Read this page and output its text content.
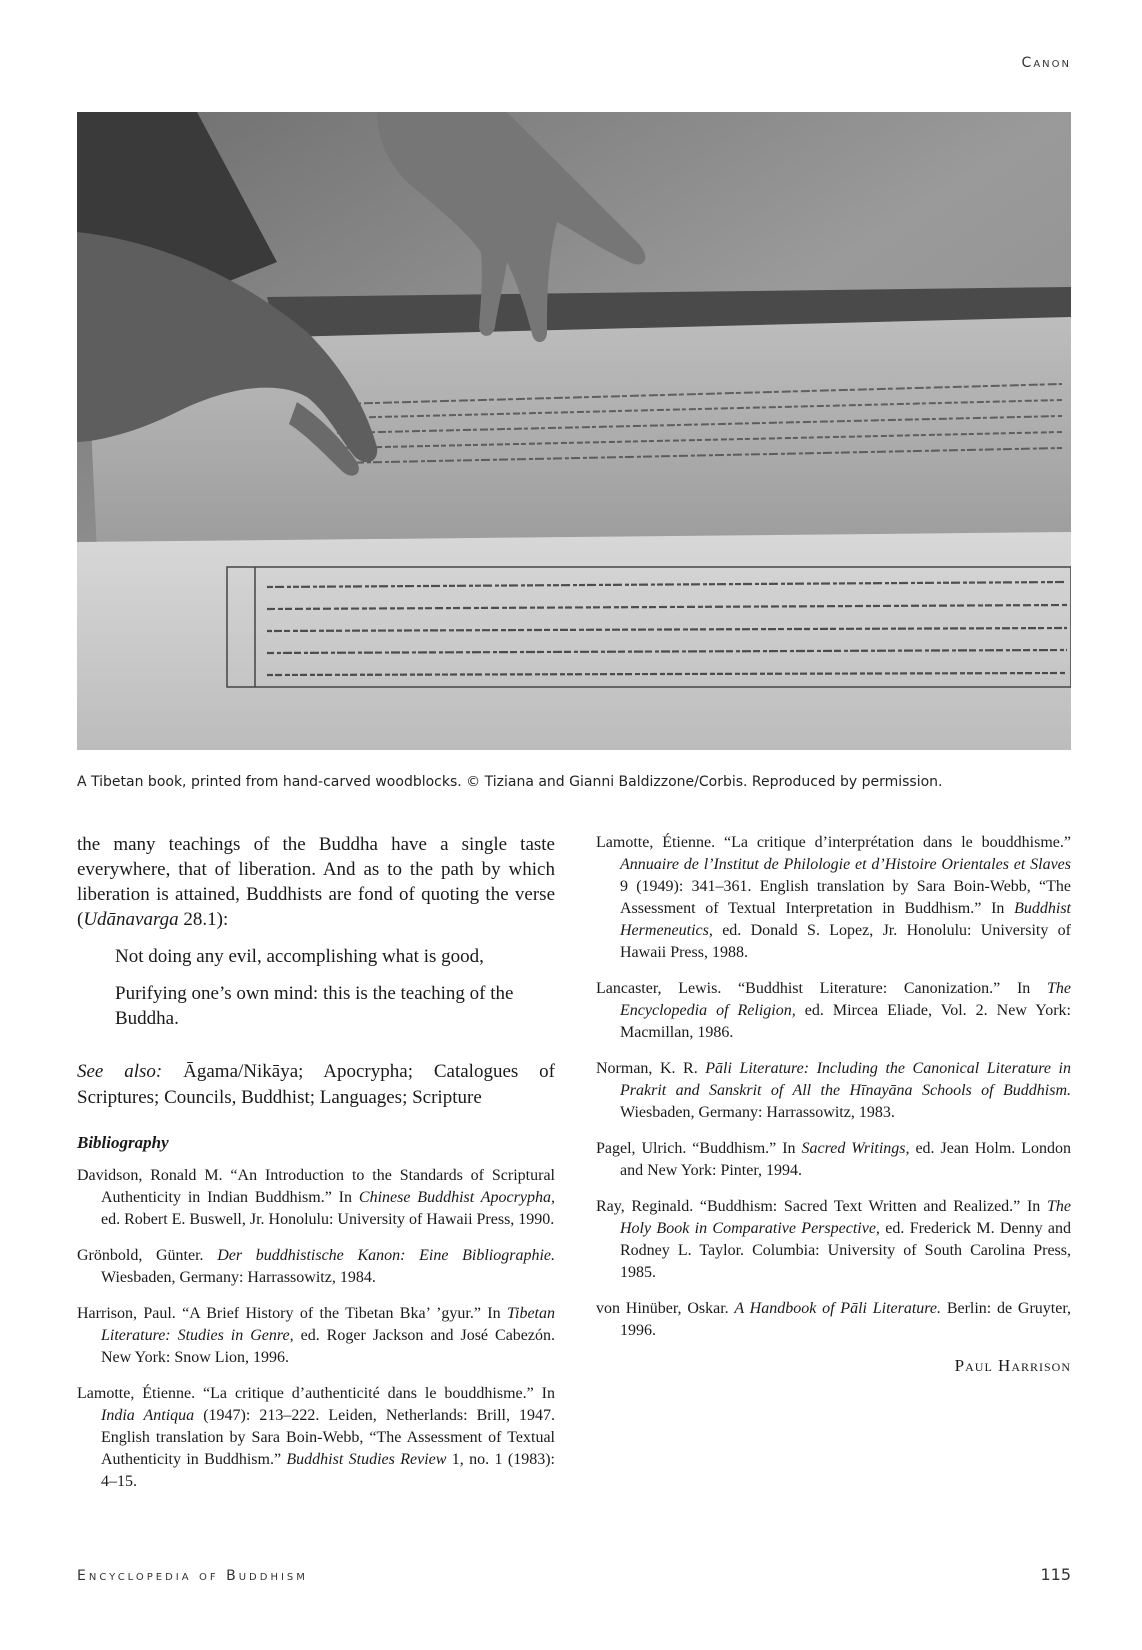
Canon
A Tibetan book, printed from hand-carved woodblocks. © Tiziana and Gianni Baldizzone/Corbis. Reproduced by permission.

the many teachings of the Buddha have a single taste everywhere, that of liberation. And as to the path by which liberation is attained, Buddhists are fond of quoting the verse (Udānavarga 28.1):

Not doing any evil, accomplishing what is good,

Purifying one’s own mind: this is the teaching of the Buddha.

See also: Āgama/Nikāya; Apocrypha; Catalogues of Scriptures; Councils, Buddhist; Languages; Scripture

Bibliography

Davidson, Ronald M. “An Introduction to the Standards of Scriptural Authenticity in Indian Buddhism.” In Chinese Buddhist Apocrypha, ed. Robert E. Buswell, Jr. Honolulu: University of Hawaii Press, 1990.

Grönbold, Günter. Der buddhistische Kanon: Eine Bibliographie. Wiesbaden, Germany: Harrassowitz, 1984.

Harrison, Paul. “A Brief History of the Tibetan Bka’ ’gyur.” In Tibetan Literature: Studies in Genre, ed. Roger Jackson and José Cabezón. New York: Snow Lion, 1996.

Lamotte, Étienne. “La critique d’authenticité dans le bouddhisme.” In India Antiqua (1947): 213–222. Leiden, Netherlands: Brill, 1947. English translation by Sara Boin-Webb, “The Assessment of Textual Authenticity in Buddhism.” Buddhist Studies Review 1, no. 1 (1983): 4–15.

Lamotte, Étienne. “La critique d’interprétation dans le bouddhisme.” Annuaire de l’Institut de Philologie et d’Histoire Orientales et Slaves 9 (1949): 341–361. English translation by Sara Boin-Webb, “The Assessment of Textual Interpretation in Buddhism.” In Buddhist Hermeneutics, ed. Donald S. Lopez, Jr. Honolulu: University of Hawaii Press, 1988.

Lancaster, Lewis. “Buddhist Literature: Canonization.” In The Encyclopedia of Religion, ed. Mircea Eliade, Vol. 2. New York: Macmillan, 1986.

Norman, K. R. Pāli Literature: Including the Canonical Literature in Prakrit and Sanskrit of All the Hīnayāna Schools of Buddhism. Wiesbaden, Germany: Harrassowitz, 1983.

Pagel, Ulrich. “Buddhism.” In Sacred Writings, ed. Jean Holm. London and New York: Pinter, 1994.

Ray, Reginald. “Buddhism: Sacred Text Written and Realized.” In The Holy Book in Comparative Perspective, ed. Frederick M. Denny and Rodney L. Taylor. Columbia: University of South Carolina Press, 1985.

von Hinüber, Oskar. A Handbook of Pāli Literature. Berlin: de Gruyter, 1996.

Paul Harrison
Encyclopedia of Buddhism	115
